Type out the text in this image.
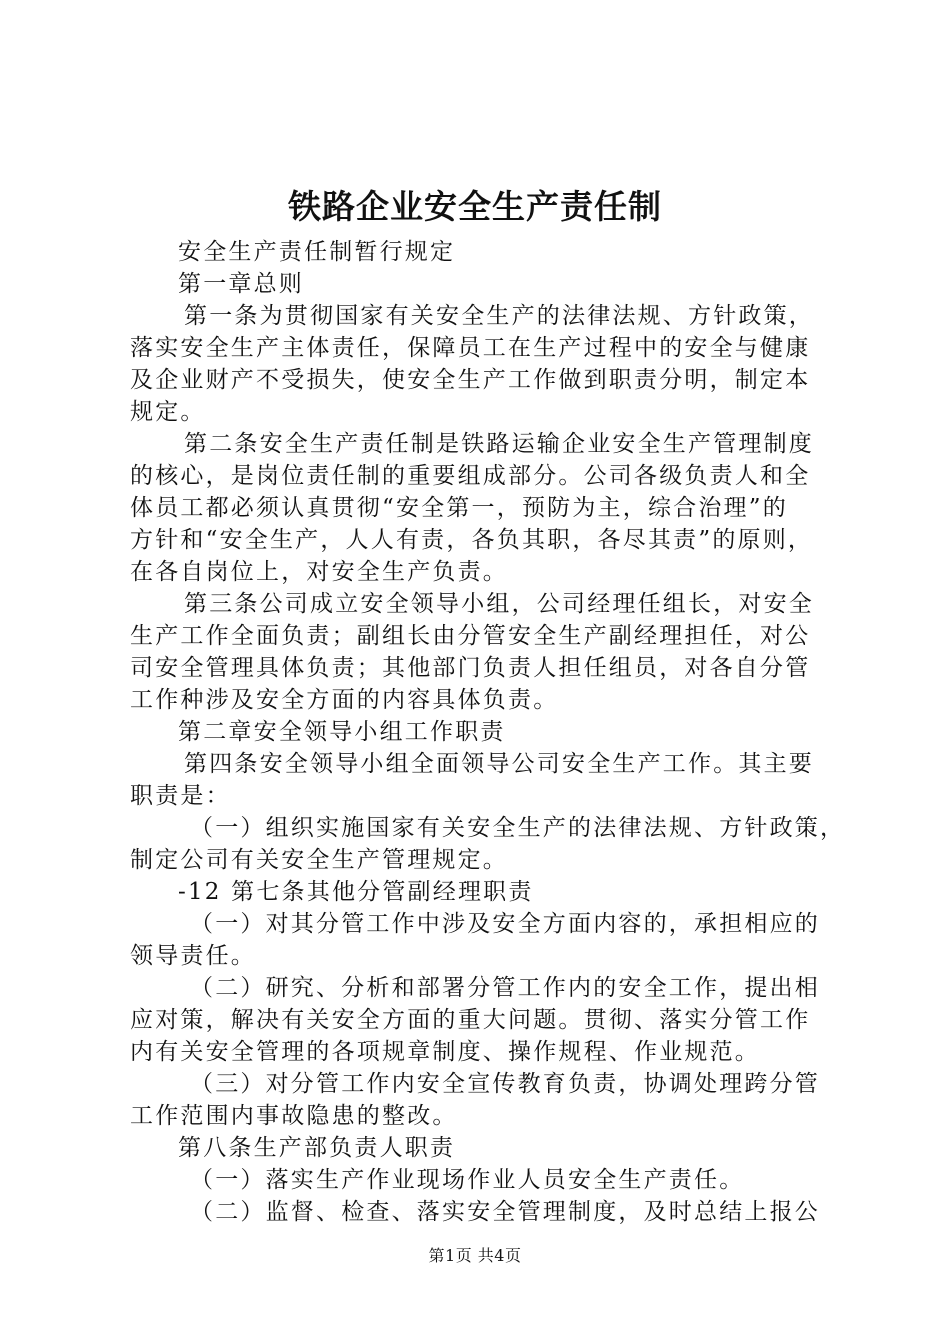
铁路企业安全生产责任制
安全生产责任制暂行规定
第一章总则
第一条为贯彻国家有关安全生产的法律法规、方针政策，
落实安全生产主体责任，保障员工在生产过程中的安全与健康
及企业财产不受损失，使安全生产工作做到职责分明，制定本
规定。
第二条安全生产责任制是铁路运输企业安全生产管理制度
的核心，是岗位责任制的重要组成部分。公司各级负责人和全
体员工都必须认真贯彻“安全第一，预防为主，综合治理”的
方针和“安全生产，人人有责，各负其职，各尽其责”的原则，
在各自岗位上，对安全生产负责。
第三条公司成立安全领导小组，公司经理任组长，对安全
生产工作全面负责；副组长由分管安全生产副经理担任，对公
司安全管理具体负责；其他部门负责人担任组员，对各自分管
工作种涉及安全方面的内容具体负责。
第二章安全领导小组工作职责
第四条安全领导小组全面领导公司安全生产工作。其主要
职责是：
（一）组织实施国家有关安全生产的法律法规、方针政策，
制定公司有关安全生产管理规定。
-12 第七条其他分管副经理职责
（一）对其分管工作中涉及安全方面内容的，承担相应的
领导责任。
（二）研究、分析和部署分管工作内的安全工作，提出相
应对策，解决有关安全方面的重大问题。贯彻、落实分管工作
内有关安全管理的各项规章制度、操作规程、作业规范。
（三）对分管工作内安全宣传教育负责，协调处理跨分管
工作范围内事故隐患的整改。
第八条生产部负责人职责
（一）落实生产作业现场作业人员安全生产责任。
（二）监督、检查、落实安全管理制度，及时总结上报公
第1页 共4页
